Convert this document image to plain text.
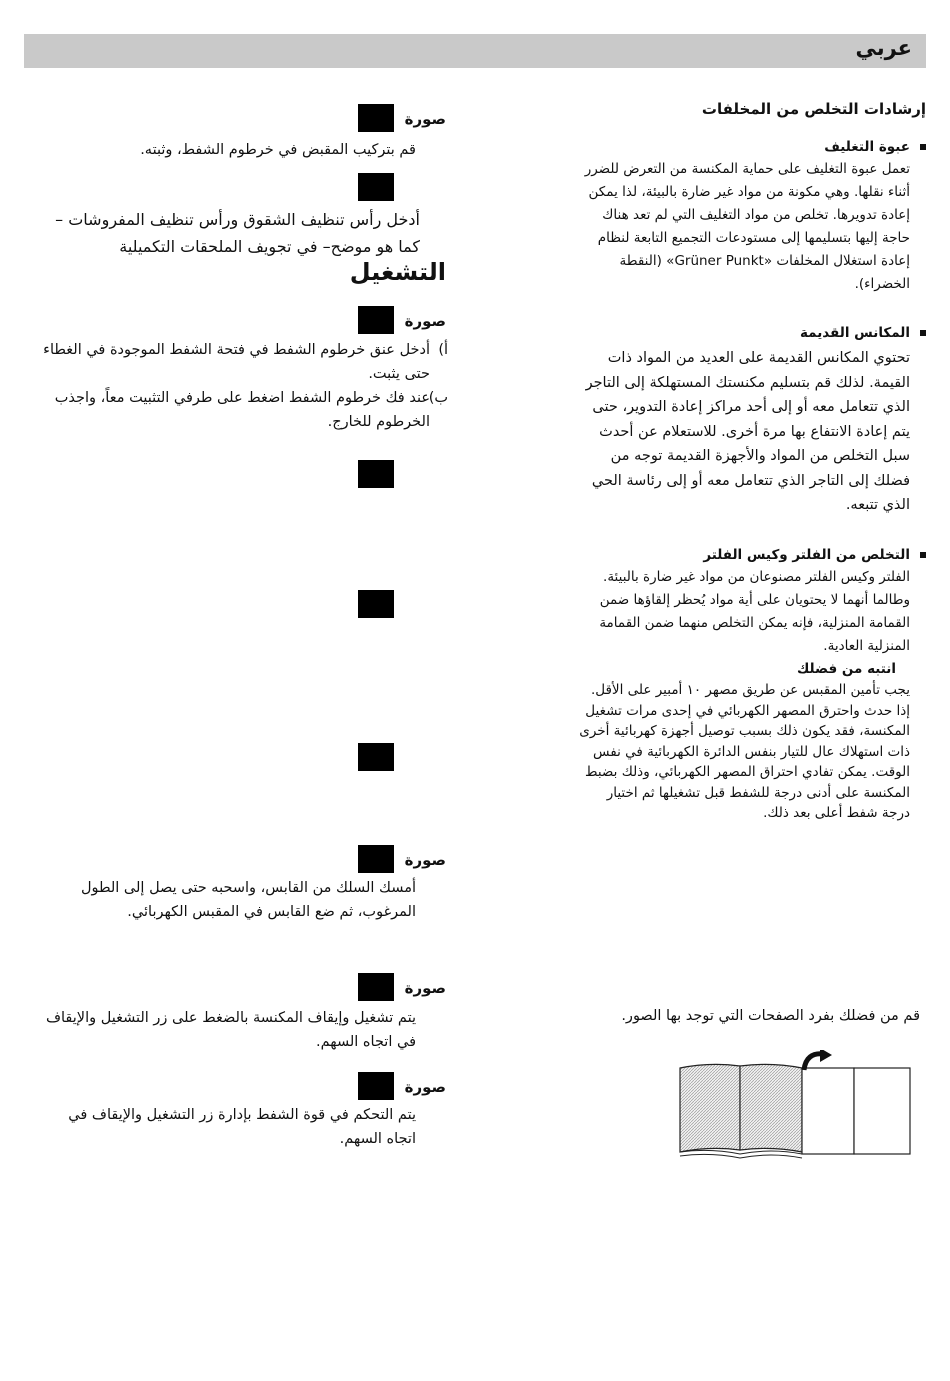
عربي
صورة
قم بتركيب المقبض في خرطوم الشفط، وثبته.
أدخل رأس تنظيف الشقوق ورأس تنظيف المفروشات –كما هو موضح– في تجويف الملحقات التكميلية
التشغيل
صورة
أ)
أدخل عنق خرطوم الشفط في فتحة الشفط الموجودة في الغطاء حتى يثبت.
ب)
عند فك خرطوم الشفط اضغط على طرفي التثبيت معاً، واجذب الخرطوم للخارج.
صورة
أمسك السلك من القابس، واسحبه حتى يصل إلى الطول المرغوب، ثم ضع القابس في المقبس الكهربائي.
صورة
يتم تشغيل وإيقاف المكنسة بالضغط على زر التشغيل والإيقاف في اتجاه السهم.
صورة
يتم التحكم في قوة الشفط بإدارة زر التشغيل والإيقاف في اتجاه السهم.
إرشادات التخلص من المخلفات
عبوة التغليف
تعمل عبوة التغليف على حماية المكنسة من التعرض للضرر أثناء نقلها. وهي مكونة من مواد غير ضارة بالبيئة، لذا يمكن إعادة تدويرها. تخلص من مواد التغليف التي لم تعد هناك حاجة إليها بتسليمها إلى مستودعات التجميع التابعة لنظام إعادة استغلال المخلفات «Grüner Punkt» (النقطة الخضراء).
المكانس القديمة
تحتوي المكانس القديمة على العديد من المواد ذات القيمة. لذلك قم بتسليم مكنستك المستهلكة إلى التاجر الذي تتعامل معه أو إلى أحد مراكز إعادة التدوير، حتى يتم إعادة الانتفاع بها مرة أخرى. للاستعلام عن أحدث سبل التخلص من المواد والأجهزة القديمة توجه من فضلك إلى التاجر الذي تتعامل معه أو إلى رئاسة الحي الذي تتبعه.
التخلص من الفلتر وكيس الفلتر
الفلتر وكيس الفلتر مصنوعان من مواد غير ضارة بالبيئة. وطالما أنهما لا يحتويان على أية مواد يُحظر إلقاؤها ضمن القمامة المنزلية، فإنه يمكن التخلص منهما ضمن القمامة المنزلية العادية.
انتبه من فضلك
يجب تأمين المقبس عن طريق مصهر ١٠ أمبير على الأقل. إذا حدث واحترق المصهر الكهربائي في إحدى مرات تشغيل المكنسة، فقد يكون ذلك بسبب توصيل أجهزة كهربائية أخرى ذات استهلاك عال للتيار بنفس الدائرة الكهربائية في نفس الوقت. يمكن تفادي احتراق المصهر الكهربائي، وذلك بضبط المكنسة على أدنى درجة للشفط قبل تشغيلها ثم اختيار درجة شفط أعلى بعد ذلك.
قم من فضلك بفرد الصفحات التي توجد بها الصور.
